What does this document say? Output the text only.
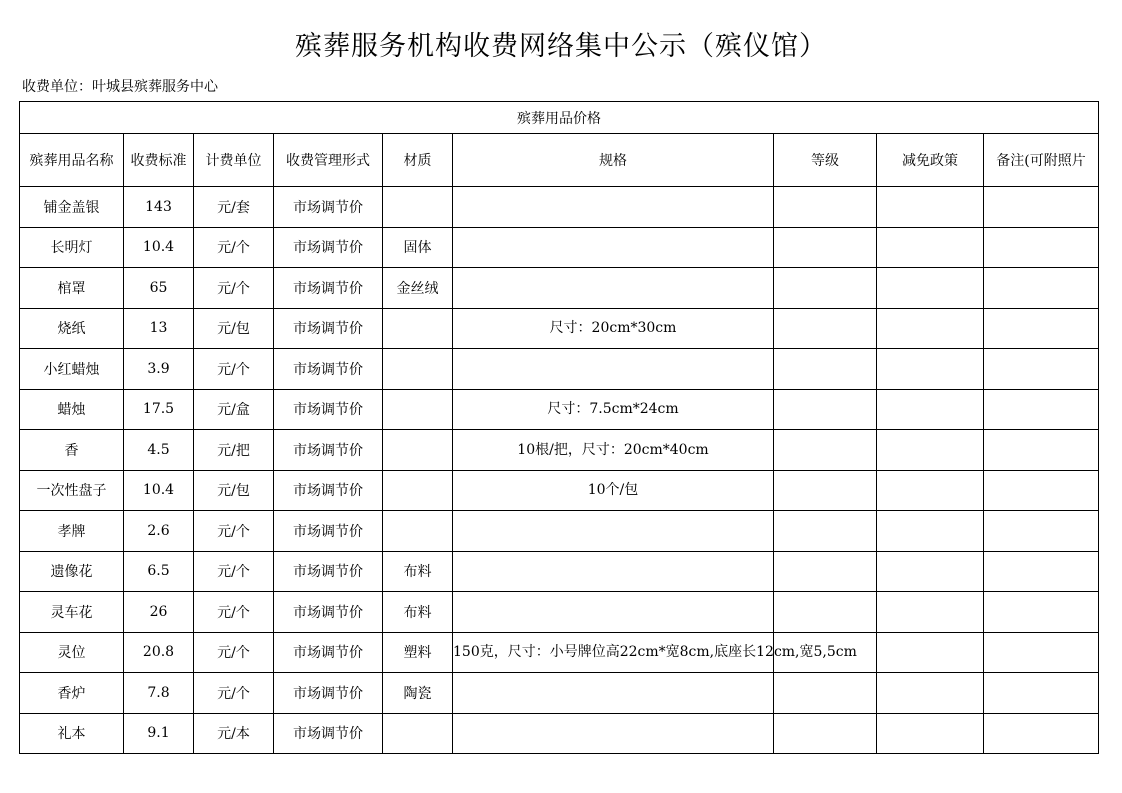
殡葬服务机构收费网络集中公示（殡仪馆）
收费单位：叶城县殡葬服务中心
殡葬用品价格								
殡葬用品名称	收费标准	计费单位	收费管理形式	材质	规格	等级	减免政策	备注(可附照片
铺金盖银	143	元/套	市场调节价					
长明灯	10.4	元/个	市场调节价	固体				
棺罩	65	元/个	市场调节价	金丝绒				
烧纸	13	元/包	市场调节价		尺寸：20cm*30cm			
小红蜡烛	3.9	元/个	市场调节价					
蜡烛	17.5	元/盒	市场调节价		尺寸：7.5cm*24cm			
香	4.5	元/把	市场调节价		10根/把，尺寸：20cm*40cm			
一次性盘子	10.4	元/包	市场调节价		10个/包			
孝牌	2.6	元/个	市场调节价					
遗像花	6.5	元/个	市场调节价	布料				
灵车花	26	元/个	市场调节价	布料				
灵位	20.8	元/个	市场调节价	塑料	150克，尺寸：小号牌位高22cm*宽8cm,底座长12cm,宽5,5cm			
香炉	7.8	元/个	市场调节价	陶瓷				
礼本	9.1	元/本	市场调节价					
